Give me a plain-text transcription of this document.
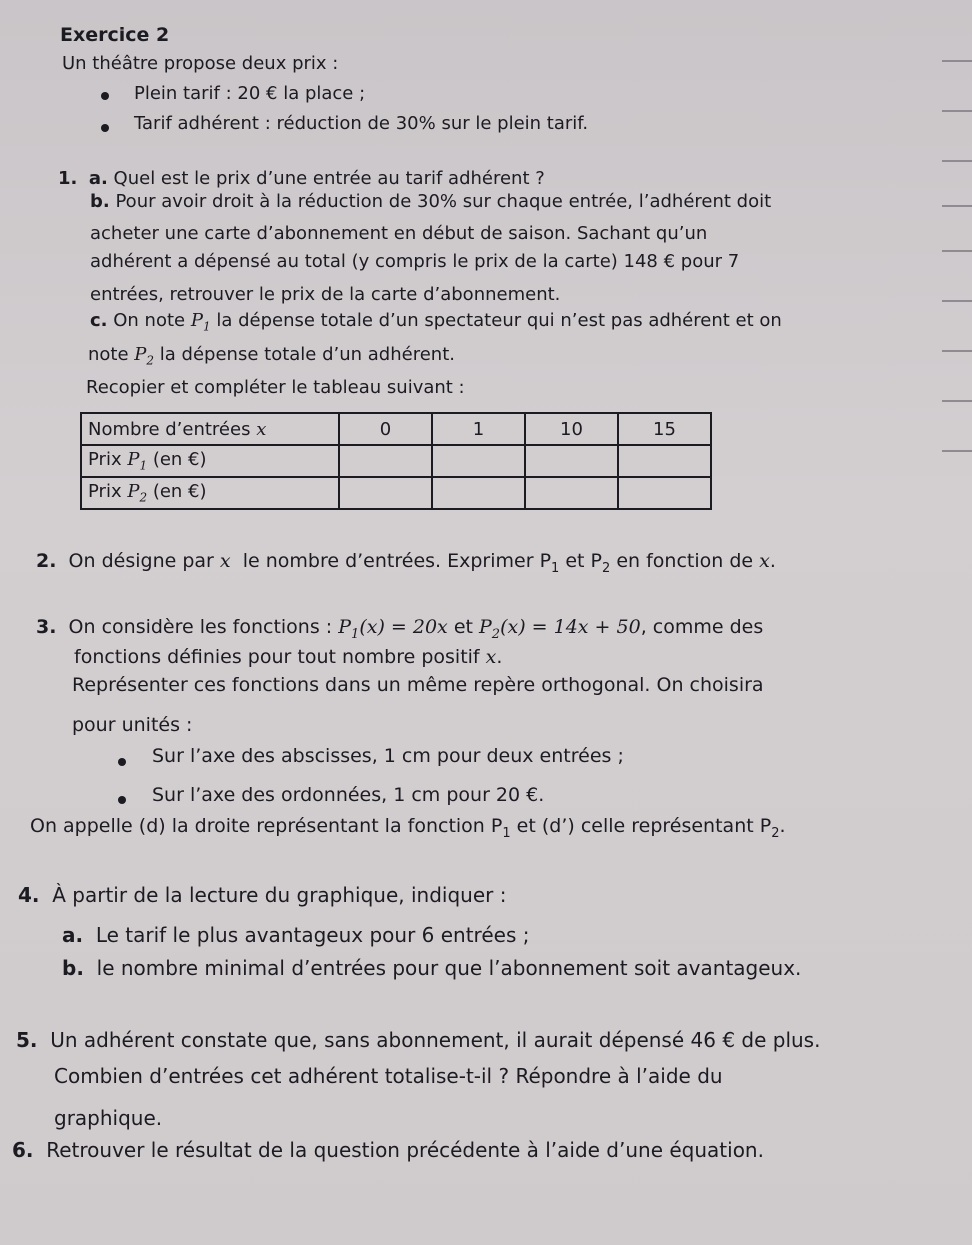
Exercice 2
Un théâtre propose deux prix :
Plein tarif : 20 € la place ;
Tarif adhérent : réduction de 30% sur le plein tarif.
1. a. Quel est le prix d’une entrée au tarif adhérent ?
b. Pour avoir droit à la réduction de 30% sur chaque entrée, l’adhérent doit
acheter une carte d’abonnement en début de saison. Sachant qu’un
adhérent a dépensé au total (y compris le prix de la carte) 148 € pour 7
entrées, retrouver le prix de la carte d’abonnement.
c. On note $P_1$ la dépense totale d’un spectateur qui n’est pas adhérent et on
note $P_2$ la dépense totale d’un adhérent.
Recopier et compléter le tableau suivant :
Nombre d’entrées x	0	1	10	15
Prix $P_1$ (en €)				
Prix $P_2$ (en €)				
2. On désigne par x le nombre d’entrées. Exprimer $P_1$ et $P_2$ en fonction de x.
3. On considère les fonctions : $P_1(x) = 20x$ et $P_2(x) = 14x + 50$, comme des
fonctions définies pour tout nombre positif x.
Représenter ces fonctions dans un même repère orthogonal. On choisira
pour unités :
Sur l’axe des abscisses, 1 cm pour deux entrées ;
Sur l’axe des ordonnées, 1 cm pour 20 €.
On appelle (d) la droite représentant la fonction $P_1$ et (d’) celle représentant $P_2$.
4. À partir de la lecture du graphique, indiquer :
a. Le tarif le plus avantageux pour 6 entrées ;
b. le nombre minimal d’entrées pour que l’abonnement soit avantageux.
5. Un adhérent constate que, sans abonnement, il aurait dépensé 46 € de plus.
Combien d’entrées cet adhérent totalise-t-il ? Répondre à l’aide du
graphique.
6. Retrouver le résultat de la question précédente à l’aide d’une équation.
